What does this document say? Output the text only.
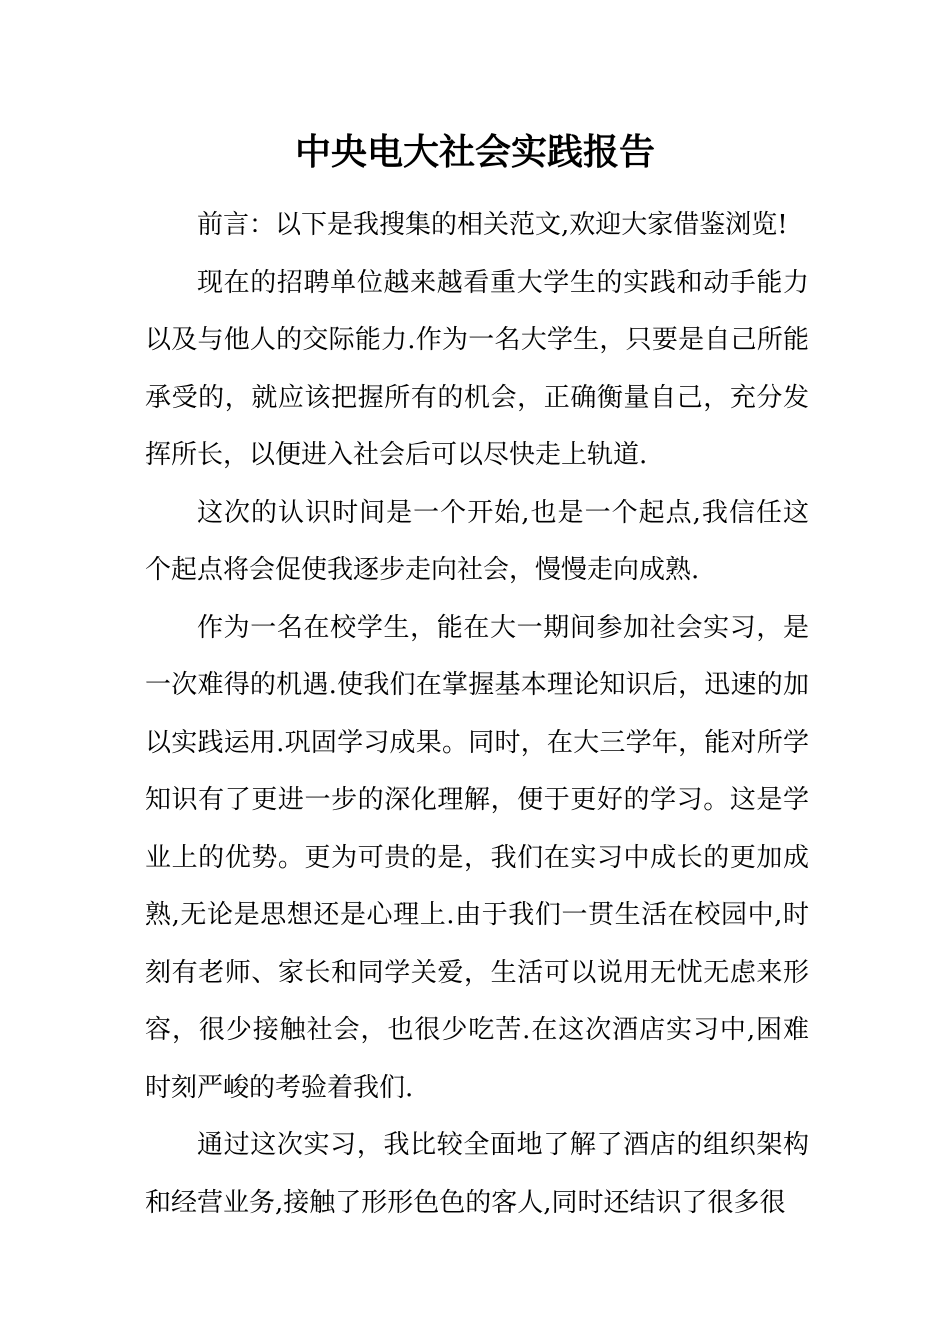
中央电大社会实践报告

前言：以下是我搜集的相关范文,欢迎大家借鉴浏览!

现在的招聘单位越来越看重大学生的实践和动手能力以及与他人的交际能力.作为一名大学生，只要是自己所能承受的，就应该把握所有的机会，正确衡量自己，充分发挥所长，以便进入社会后可以尽快走上轨道.

这次的认识时间是一个开始,也是一个起点,我信任这个起点将会促使我逐步走向社会，慢慢走向成熟.

作为一名在校学生，能在大一期间参加社会实习，是一次难得的机遇.使我们在掌握基本理论知识后，迅速的加以实践运用.巩固学习成果。同时，在大三学年，能对所学知识有了更进一步的深化理解，便于更好的学习。这是学业上的优势。更为可贵的是，我们在实习中成长的更加成熟,无论是思想还是心理上.由于我们一贯生活在校园中,时刻有老师、家长和同学关爱，生活可以说用无忧无虑来形容，很少接触社会，也很少吃苦.在这次酒店实习中,困难时刻严峻的考验着我们.

通过这次实习，我比较全面地了解了酒店的组织架构和经营业务,接触了形形色色的客人,同时还结识了很多很
